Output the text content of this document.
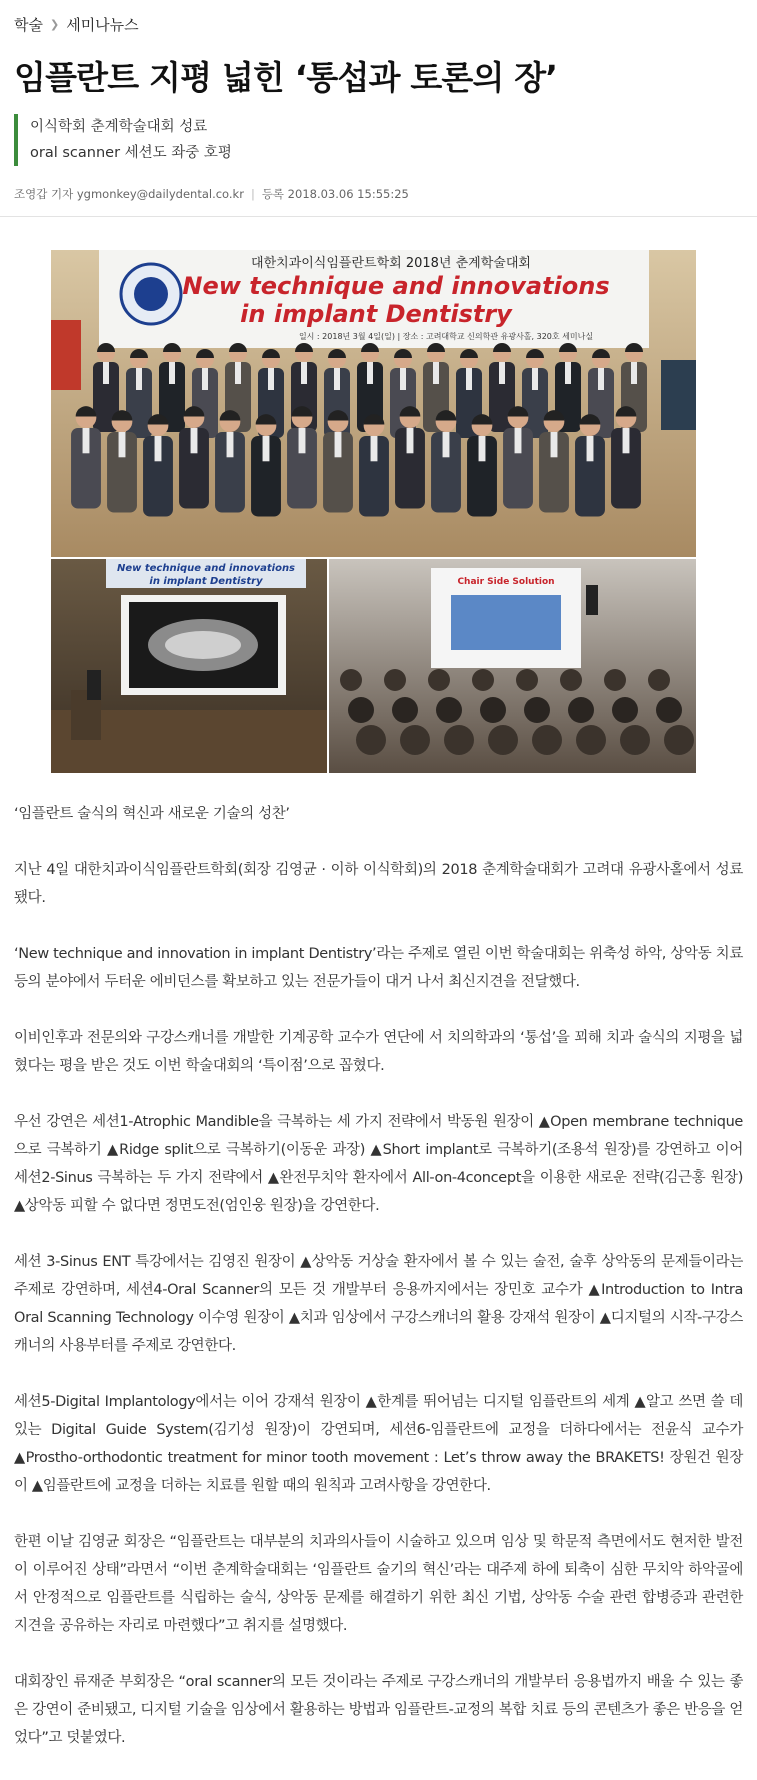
학술 ❯ 세미나뉴스
임플란트 지평 넓힌 ‘통섭과 토론의 장’
이식학회 춘계학술대회 성료
oral scanner 세션도 좌중 호평
조영갑 기자 ygmonkey@dailydental.co.kr | 등록 2018.03.06 15:55:25
대한치과이식임플란트학회 2018년 춘계학술대회
New technique and innovations
in implant Dentistry
일시 : 2018년 3월 4일(일) | 장소 : 고려대학교 신의학관 유광사홀, 320호 세미나실
New technique and innovations
in implant Dentistry	Chair Side Solution

‘임플란트 술식의 혁신과 새로운 기술의 성찬’

지난 4일 대한치과이식임플란트학회(회장 김영균 · 이하 이식학회)의 2018 춘계학술대회가 고려대 유광사홀에서 성료됐다.

‘New technique and innovation in implant Dentistry’라는 주제로 열린 이번 학술대회는 위축성 하악, 상악동 치료 등의 분야에서 두터운 에비던스를 확보하고 있는 전문가들이 대거 나서 최신지견을 전달했다.

이비인후과 전문의와 구강스캐너를 개발한 기계공학 교수가 연단에 서 치의학과의 ‘통섭’을 꾀해 치과 술식의 지평을 넓혔다는 평을 받은 것도 이번 학술대회의 ‘특이점’으로 꼽혔다.

우선 강연은 세션1-Atrophic Mandible을 극복하는 세 가지 전략에서 박동원 원장이 ▲Open membrane technique으로 극복하기 ▲Ridge split으로 극복하기(이동운 과장) ▲Short implant로 극복하기(조용석 원장)를 강연하고 이어 세션2-Sinus 극복하는 두 가지 전략에서 ▲완전무치악 환자에서 All-on-4concept을 이용한 새로운 전략(김근홍 원장) ▲상악동 피할 수 없다면 정면도전(엄인웅 원장)을 강연한다.

세션 3-Sinus ENT 특강에서는 김영진 원장이 ▲상악동 거상술 환자에서 볼 수 있는 술전, 술후 상악동의 문제들이라는 주제로 강연하며, 세션4-Oral Scanner의 모든 것 개발부터 응용까지에서는 장민호 교수가 ▲Introduction to Intra Oral Scanning Technology 이수영 원장이 ▲치과 임상에서 구강스캐너의 활용 강재석 원장이 ▲디지털의 시작-구강스캐너의 사용부터를 주제로 강연한다.

세션5-Digital Implantology에서는 이어 강재석 원장이 ▲한계를 뛰어넘는 디지털 임플란트의 세계 ▲알고 쓰면 쓸 데 있는 Digital Guide System(김기성 원장)이 강연되며, 세션6-임플란트에 교정을 더하다에서는 전윤식 교수가 ▲Prostho-orthodontic treatment for minor tooth movement : Let’s throw away the BRAKETS! 장원건 원장이 ▲임플란트에 교정을 더하는 치료를 원할 때의 원칙과 고려사항을 강연한다.

한편 이날 김영균 회장은 “임플란트는 대부분의 치과의사들이 시술하고 있으며 임상 및 학문적 측면에서도 현저한 발전이 이루어진 상태”라면서 “이번 춘계학술대회는 ‘임플란트 술기의 혁신’라는 대주제 하에 퇴축이 심한 무치악 하악골에서 안정적으로 임플란트를 식립하는 술식, 상악동 문제를 해결하기 위한 최신 기법, 상악동 수술 관련 합병증과 관련한 지견을 공유하는 자리로 마련했다”고 취지를 설명했다.

대회장인 류재준 부회장은 “oral scanner의 모든 것이라는 주제로 구강스캐너의 개발부터 응용법까지 배울 수 있는 좋은 강연이 준비됐고, 디지털 기술을 임상에서 활용하는 방법과 임플란트-교정의 복합 치료 등의 콘텐츠가 좋은 반응을 얻었다”고 덧붙였다.
